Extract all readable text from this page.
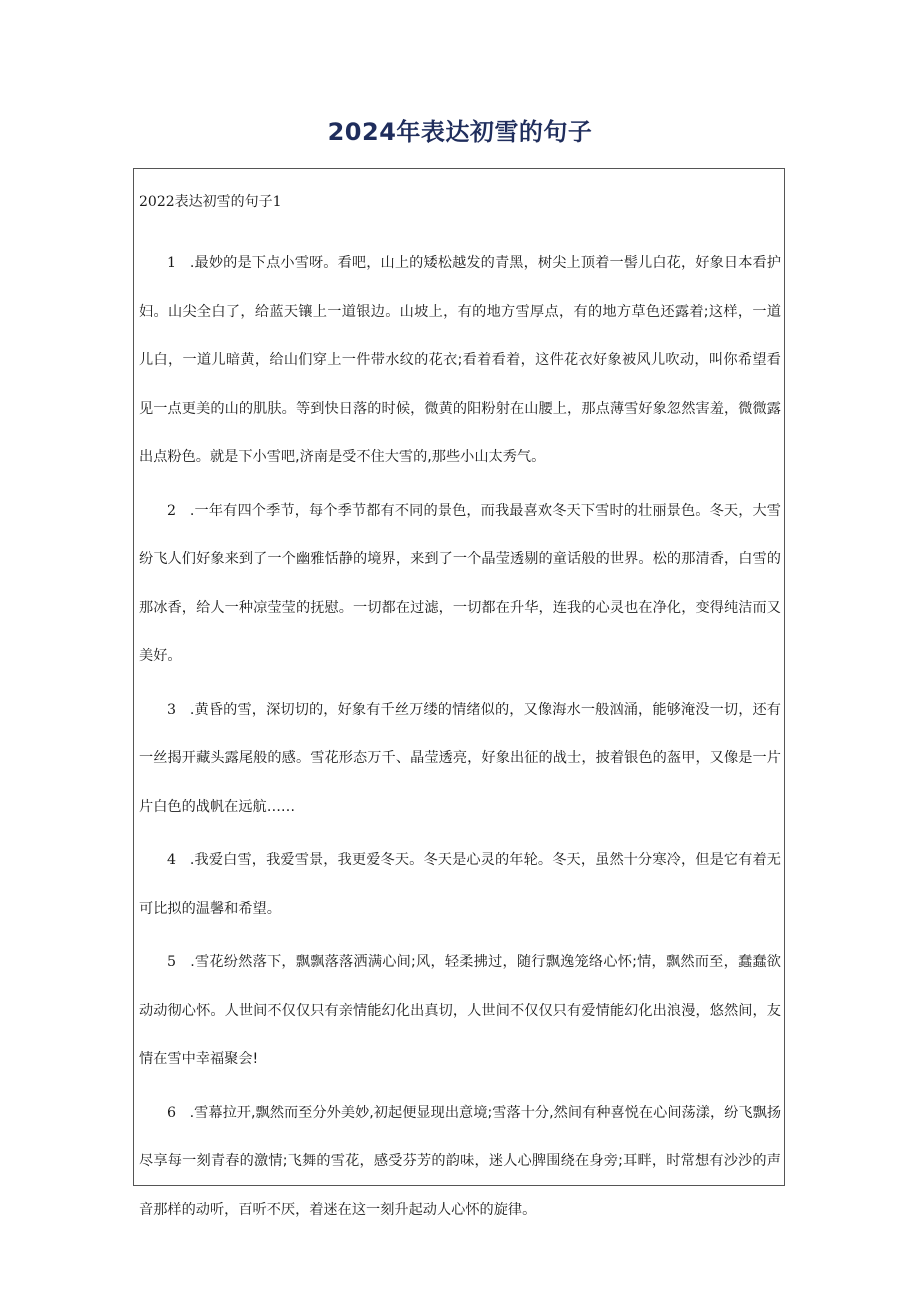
2024年表达初雪的句子
2022表达初雪的句子1

1 .最妙的是下点小雪呀。看吧，山上的矮松越发的青黑，树尖上顶着一髻儿白花，好象日本看护妇。山尖全白了，给蓝天镶上一道银边。山坡上，有的地方雪厚点，有的地方草色还露着;这样，一道儿白，一道儿暗黄，给山们穿上一件带水纹的花衣;看着看着，这件花衣好象被风儿吹动，叫你希望看见一点更美的山的肌肤。等到快日落的时候，微黄的阳粉射在山腰上，那点薄雪好象忽然害羞，微微露出点粉色。就是下小雪吧,济南是受不住大雪的,那些小山太秀气。

2 .一年有四个季节，每个季节都有不同的景色，而我最喜欢冬天下雪时的壮丽景色。冬天，大雪纷飞人们好象来到了一个幽雅恬静的境界，来到了一个晶莹透剔的童话般的世界。松的那清香，白雪的那冰香，给人一种凉莹莹的抚慰。一切都在过滤，一切都在升华，连我的心灵也在净化，变得纯洁而又美好。

3 .黄昏的雪，深切切的，好象有千丝万缕的情绪似的，又像海水一般汹涌，能够淹没一切，还有一丝揭开藏头露尾般的感。雪花形态万千、晶莹透亮，好象出征的战士，披着银色的盔甲，又像是一片片白色的战帆在远航……

4 .我爱白雪，我爱雪景，我更爱冬天。冬天是心灵的年轮。冬天，虽然十分寒冷，但是它有着无可比拟的温馨和希望。

5 .雪花纷然落下，飘飘落落洒满心间;风，轻柔拂过，随行飘逸笼络心怀;情，飘然而至，蠢蠢欲动动彻心怀。人世间不仅仅只有亲情能幻化出真切，人世间不仅仅只有爱情能幻化出浪漫，悠然间，友情在雪中幸福聚会!

6 .雪幕拉开,飘然而至分外美妙,初起便显现出意境;雪落十分,然间有种喜悦在心间荡漾，纷飞飘扬尽享每一刻青春的激情;飞舞的雪花，感受芬芳的韵味，迷人心脾围绕在身旁;耳畔，时常想有沙沙的声音那样的动听，百听不厌，着迷在这一刻升起动人心怀的旋律。
